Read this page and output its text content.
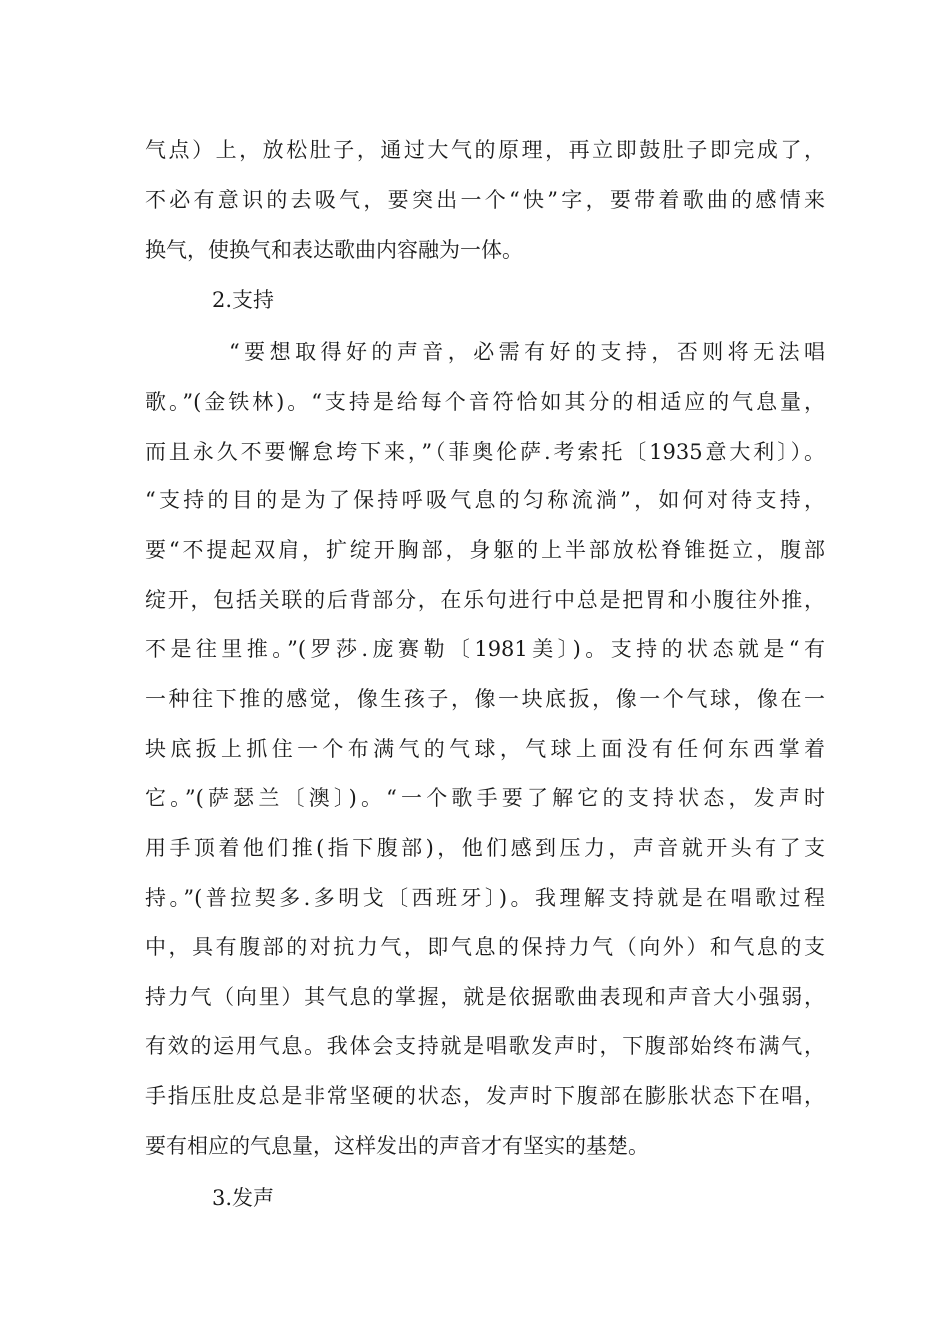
气点）上，放松肚子，通过大气的原理，再立即鼓肚子即完成了，
不必有意识的去吸气，要突出一个“快”字，要带着歌曲的感情来
换气，使换气和表达歌曲内容融为一体。
2.支持
“要想取得好的声音，必需有好的支持，否则将无法唱
歌。”(金铁林)。“支持是给每个音符恰如其分的相适应的气息量，
而且永久不要懈怠垮下来，”（菲奥伦萨.考索托〔1935意大利〕）。
“支持的目的是为了保持呼吸气息的匀称流淌”，如何对待支持，
要“不提起双肩，扩绽开胸部，身躯的上半部放松脊锥挺立，腹部
绽开，包括关联的后背部分，在乐句进行中总是把胃和小腹往外推，
不是往里推。”(罗莎.庞赛勒〔1981美〕)。支持的状态就是“有
一种往下推的感觉，像生孩子，像一块底扳，像一个气球，像在一
块底扳上抓住一个布满气的气球，气球上面没有任何东西掌着
它。”(萨瑟兰〔澳〕)。“一个歌手要了解它的支持状态，发声时
用手顶着他们推(指下腹部)，他们感到压力，声音就开头有了支
持。”(普拉契多.多明戈〔西班牙〕)。我理解支持就是在唱歌过程
中，具有腹部的对抗力气，即气息的保持力气（向外）和气息的支
持力气（向里）其气息的掌握，就是依据歌曲表现和声音大小强弱，
有效的运用气息。我体会支持就是唱歌发声时，下腹部始终布满气，
手指压肚皮总是非常坚硬的状态，发声时下腹部在膨胀状态下在唱，
要有相应的气息量，这样发出的声音才有坚实的基楚。
3.发声
